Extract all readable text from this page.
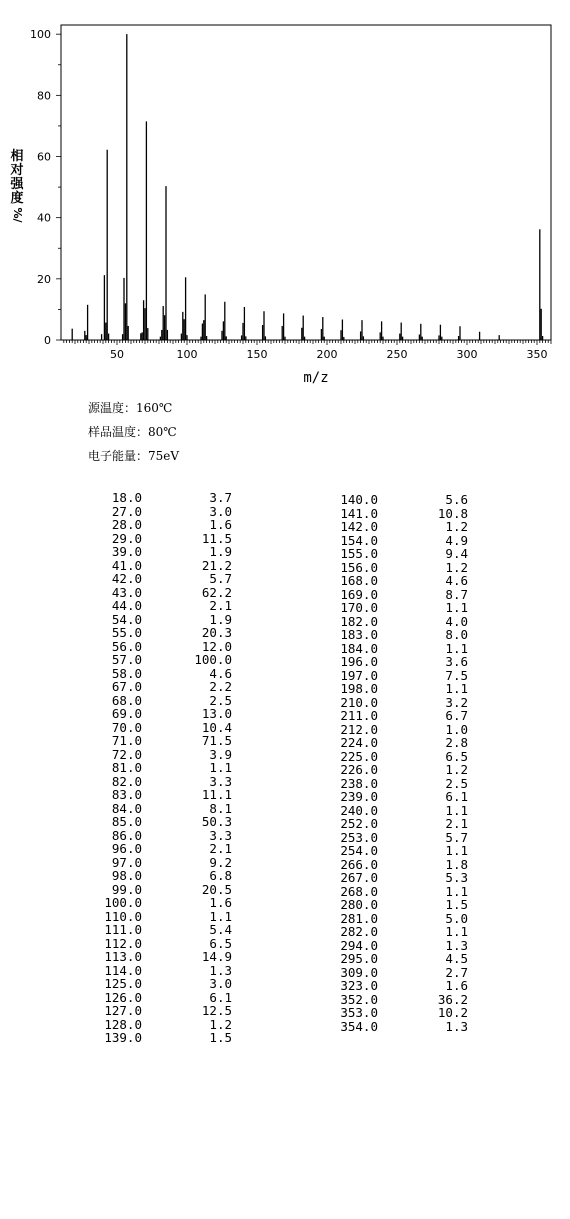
50	100	150	200	250	300	350
0
20
40
60
80
100
m/z
相对强度
%/
源温度：160℃
样品温度：80℃
电子能量：75eV
18.0	3.7
27.0	3.0
28.0	1.6
29.0	11.5
39.0	1.9
41.0	21.2
42.0	5.7
43.0	62.2
44.0	2.1
54.0	1.9
55.0	20.3
56.0	12.0
57.0	100.0
58.0	4.6
67.0	2.2
68.0	2.5
69.0	13.0
70.0	10.4
71.0	71.5
72.0	3.9
81.0	1.1
82.0	3.3
83.0	11.1
84.0	8.1
85.0	50.3
86.0	3.3
96.0	2.1
97.0	9.2
98.0	6.8
99.0	20.5
100.0	1.6
110.0	1.1
111.0	5.4
112.0	6.5
113.0	14.9
114.0	1.3
125.0	3.0
126.0	6.1
127.0	12.5
128.0	1.2
139.0	1.5
140.0	5.6
141.0	10.8
142.0	1.2
154.0	4.9
155.0	9.4
156.0	1.2
168.0	4.6
169.0	8.7
170.0	1.1
182.0	4.0
183.0	8.0
184.0	1.1
196.0	3.6
197.0	7.5
198.0	1.1
210.0	3.2
211.0	6.7
212.0	1.0
224.0	2.8
225.0	6.5
226.0	1.2
238.0	2.5
239.0	6.1
240.0	1.1
252.0	2.1
253.0	5.7
254.0	1.1
266.0	1.8
267.0	5.3
268.0	1.1
280.0	1.5
281.0	5.0
282.0	1.1
294.0	1.3
295.0	4.5
309.0	2.7
323.0	1.6
352.0	36.2
353.0	10.2
354.0	1.3
